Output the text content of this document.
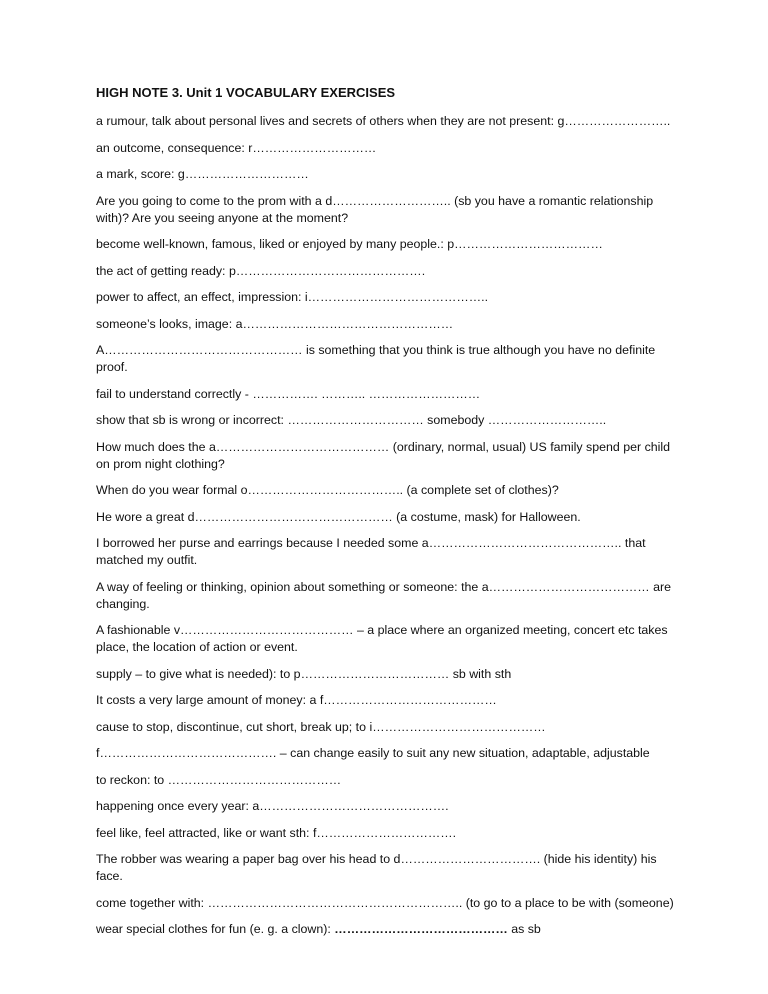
HIGH NOTE 3. Unit 1 VOCABULARY EXERCISES

a rumour, talk about personal lives and secrets of others when they are not present: g……………………..

an outcome, consequence: r…………………………

a mark, score: g…………………………

Are you going to come to the prom with a d……………………….. (sb you have a romantic relationship with)? Are you seeing anyone at the moment?

become well-known, famous, liked or enjoyed by many people.: p………………………………

the act of getting ready: p……………………………………….

power to affect, an effect, impression: i……………………………………..

someone’s looks, image: a……………………………………………

A………………………………………… is something that you think is true although you have no definite proof.

fail to understand correctly - ……………. ……….. ………………………

show that sb is wrong or incorrect: …………………………… somebody ………………………..

How much does the a…………………………………… (ordinary, normal, usual) US family spend per child on prom night clothing?

When do you wear formal o……………………………….. (a complete set of clothes)?

He wore a great d………………………………………… (a costume, mask) for Halloween.

I borrowed her purse and earrings because I needed some a……………………………………….. that matched my outfit.

A way of feeling or thinking, opinion about something or someone: the a………………………………… are changing.

A fashionable v…………………………………… – a place where an organized meeting, concert etc takes place, the location of action or event.

supply – to give what is needed): to p……………………………… sb with sth

It costs a very large amount of money: a f……………………………………

cause to stop, discontinue, cut short, break up; to i……………………………………

f……………………………………. – can change easily to suit any new situation, adaptable, adjustable

to reckon: to ……………………………………

happening once every year: a……………………………………….

feel like, feel attracted, like or want sth: f…………………………….

The robber was wearing a paper bag over his head to d……………………………. (hide his identity) his face.

come together with: …………………………………………………….. (to go to a place to be with (someone)

wear special clothes for fun (e. g. a clown): …………………………………… as sb
